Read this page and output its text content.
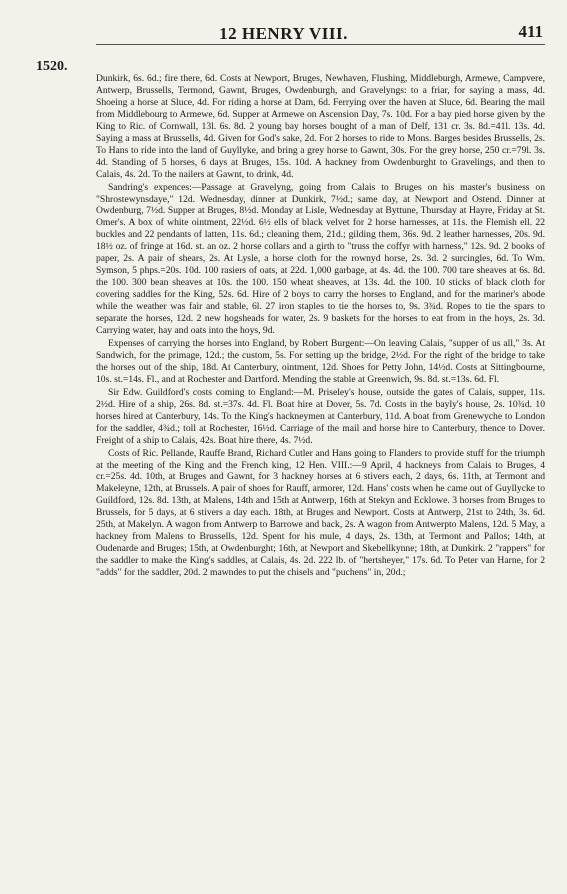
12 HENRY VIII.	411
1520.

Dunkirk, 6s. 6d.; fire there, 6d. Costs at Newport, Bruges, Newhaven, Flushing, Middleburgh, Armewe, Campvere, Antwerp, Brussells, Termond, Gawnt, Bruges, Owdenburgh, and Gravelyngs: to a friar, for saying a mass, 4d. Shoeing a horse at Sluce, 4d. For riding a horse at Dam, 6d. Ferrying over the haven at Sluce, 6d. Bearing the mail from Middlebourg to Armewe, 6d. Supper at Armewe on Ascension Day, 7s. 10d. For a bay pied horse given by the King to Ric. of Cornwall, 13l. 6s. 8d. 2 young bay horses bought of a man of Delf, 131 cr. 3s. 8d.=41l. 13s. 4d. Saying a mass at Brussells, 4d. Given for God's sake, 2d. For 2 horses to ride to Mons. Barges besides Brussells, 2s. To Hans to ride into the land of Guyllyke, and bring a grey horse to Gawnt, 30s. For the grey horse, 250 cr.=79l. 3s. 4d. Standing of 5 horses, 6 days at Bruges, 15s. 10d. A hackney from Owdenburght to Gravelings, and then to Calais, 4s. 2d. To the nailers at Gawnt, to drink, 4d.

Sandring's expences:—Passage at Gravelyng, going from Calais to Bruges on his master's business on "Shrostewynsdaye," 12d. Wednesday, dinner at Dunkirk, 7½d.; same day, at Newport and Ostend. Dinner at Owdenburg, 7½d. Supper at Bruges, 8½d. Monday at Lisle, Wednesday at Byttune, Thursday at Hayre, Friday at St. Omer's. A box of white ointment, 22½d. 6½ ells of black velvet for 2 horse harnesses, at 11s. the Flemish ell. 22 buckles and 22 pendants of latten, 11s. 6d.; cleaning them, 21d.; gilding them, 36s. 9d. 2 leather harnesses, 20s. 9d. 18½ oz. of fringe at 16d. st. an oz. 2 horse collars and a girth to "truss the coffyr with harness," 12s. 9d. 2 books of paper, 2s. A pair of shears, 2s. At Lysle, a horse cloth for the rownyd horse, 2s. 3d. 2 surcingles, 6d. To Wm. Symson, 5 phps.=20s. 10d. 100 rasiers of oats, at 22d. 1,000 garbage, at 4s. 4d. the 100. 700 tare sheaves at 6s. 8d. the 100. 300 bean sheaves at 10s. the 100. 150 wheat sheaves, at 13s. 4d. the 100. 10 sticks of black cloth for covering saddles for the King, 52s. 6d. Hire of 2 boys to carry the horses to England, and for the mariner's abode while the weather was fair and stable, 6l. 27 iron staples to tie the horses to, 9s. 3¾d. Ropes to tie the spars to separate the horses, 12d. 2 new hogsheads for water, 2s. 9 baskets for the horses to eat from in the hoys, 2s. 3d. Carrying water, hay and oats into the hoys, 9d.

Expenses of carrying the horses into England, by Robert Burgent:—On leaving Calais, "supper of us all," 3s. At Sandwich, for the primage, 12d.; the custom, 5s. For setting up the bridge, 2½d. For the right of the bridge to take the horses out of the ship, 18d. At Canterbury, ointment, 12d. Shoes for Petty John, 14½d. Costs at Sittingbourne, 10s. st.=14s. Fl., and at Rochester and Dartford. Mending the stable at Greenwich, 9s. 8d. st.=13s. 6d. Fl.

Sir Edw. Guildford's costs coming to England:—M. Priseley's house, outside the gates of Calais, supper, 11s. 2½d. Hire of a ship, 26s. 8d. st.=37s. 4d. Fl. Boat hire at Dover, 5s. 7d. Costs in the bayly's house, 2s. 10¾d. 10 horses hired at Canterbury, 14s. To the King's hackneymen at Canterbury, 11d. A boat from Grenewyche to London for the saddler, 4¾d.; toll at Rochester, 16½d. Carriage of the mail and horse hire to Canterbury, thence to Dover. Freight of a ship to Calais, 42s. Boat hire there, 4s. 7½d.

Costs of Ric. Pellande, Rauffe Brand, Richard Cutler and Hans going to Flanders to provide stuff for the triumph at the meeting of the King and the French king, 12 Hen. VIII.:—9 April, 4 hackneys from Calais to Bruges, 4 cr.=25s. 4d. 10th, at Bruges and Gawnt, for 3 hackney horses at 6 stivers each, 2 days, 6s. 11th, at Termont and Makeleyne, 12th, at Brussels. A pair of shoes for Rauff, armorer, 12d. Hans' costs when he came out of Guyllycke to Guildford, 12s. 8d. 13th, at Malens, 14th and 15th at Antwerp, 16th at Stekyn and Ecklowe. 3 horses from Bruges to Brussels, for 5 days, at 6 stivers a day each. 18th, at Bruges and Newport. Costs at Antwerp, 21st to 24th, 3s. 6d. 25th, at Makelyn. A wagon from Antwerp to Barrowe and back, 2s. A wagon from Antwerpto Malens, 12d. 5 May, a hackney from Malens to Brussells, 12d. Spent for his mule, 4 days, 2s. 13th, at Termont and Pallos; 14th, at Oudenarde and Bruges; 15th, at Owdenburght; 16th, at Newport and Skebellkynne; 18th, at Dunkirk. 2 "rappers" for the saddler to make the King's saddles, at Calais, 4s. 2d. 222 lb. of "hertsheyer," 17s. 6d. To Peter van Harne, for 2 "adds" for the saddler, 20d. 2 mawndes to put the chisels and "puchens" in, 20d.;
